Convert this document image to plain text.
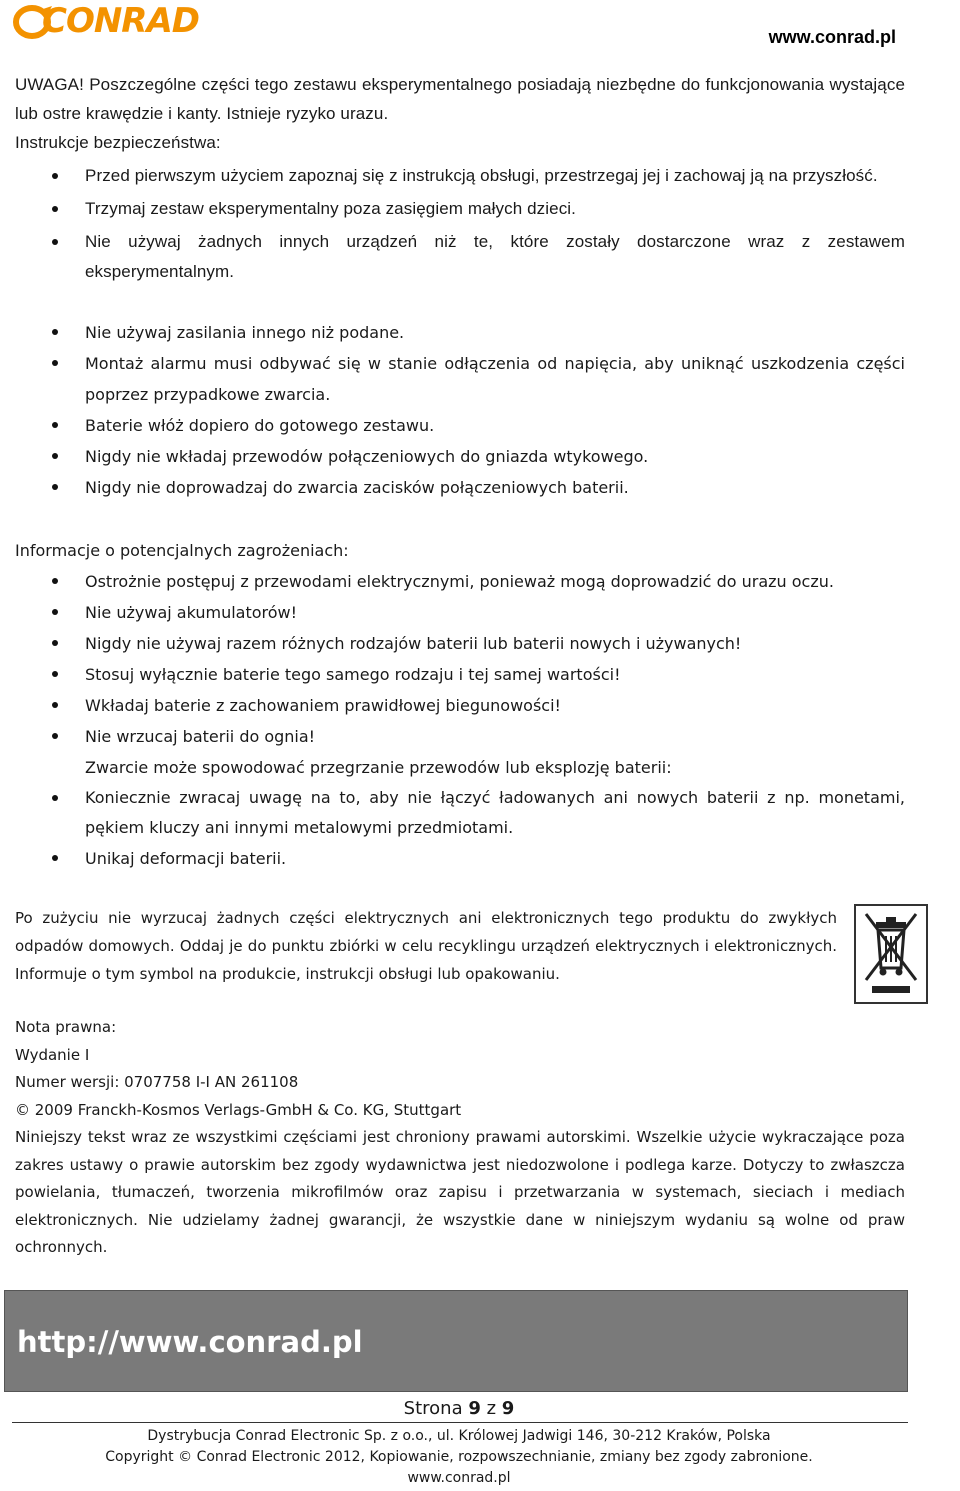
CONRAD	www.conrad.pl

UWAGA! Poszczególne części tego zestawu eksperymentalnego posiadają niezbędne do funkcjonowania wystające lub ostre krawędzie i kanty. Istnieje ryzyko urazu.

Instrukcje bezpieczeństwa:

Przed pierwszym użyciem zapoznaj się z instrukcją obsługi, przestrzegaj jej i zachowaj ją na przyszłość.
Trzymaj zestaw eksperymentalny poza zasięgiem małych dzieci.
Nie używaj żadnych innych urządzeń niż te, które zostały dostarczone wraz z zestawem eksperymentalnym.
Nie używaj zasilania innego niż podane.
Montaż alarmu musi odbywać się w stanie odłączenia od napięcia, aby uniknąć uszkodzenia części poprzez przypadkowe zwarcia.
Baterie włóż dopiero do gotowego zestawu.
Nigdy nie wkładaj przewodów połączeniowych do gniazda wtykowego.
Nigdy nie doprowadzaj do zwarcia zacisków połączeniowych baterii.

Informacje o potencjalnych zagrożeniach:

Ostrożnie postępuj z przewodami elektrycznymi, ponieważ mogą doprowadzić do urazu oczu.
Nie używaj akumulatorów!
Nigdy nie używaj razem różnych rodzajów baterii lub baterii nowych i używanych!
Stosuj wyłącznie baterie tego samego rodzaju i tej samej wartości!
Wkładaj baterie z zachowaniem prawidłowej biegunowości!
Nie wrzucaj baterii do ognia!
Zwarcie może spowodować przegrzanie przewodów lub eksplozję baterii:
Koniecznie zwracaj uwagę na to, aby nie łączyć ładowanych ani nowych baterii z np. monetami, pękiem kluczy ani innymi metalowymi przedmiotami.
Unikaj deformacji baterii.
Po zużyciu nie wyrzucaj żadnych części elektrycznych ani elektronicznych tego produktu do zwykłych odpadów domowych. Oddaj je do punktu zbiórki w celu recyklingu urządzeń elektrycznych i elektronicznych. Informuje o tym symbol na produkcie, instrukcji obsługi lub opakowaniu.

Nota prawna:

Wydanie I

Numer wersji: 0707758 I-I AN 261108

© 2009 Franckh-Kosmos Verlags-GmbH & Co. KG, Stuttgart

Niniejszy tekst wraz ze wszystkimi częściami jest chroniony prawami autorskimi. Wszelkie użycie wykraczające poza zakres ustawy o prawie autorskim bez zgody wydawnictwa jest niedozwolone i podlega karze. Dotyczy to zwłaszcza powielania, tłumaczeń, tworzenia mikrofilmów oraz zapisu i przetwarzania w systemach, sieciach i mediach elektronicznych. Nie udzielamy żadnej gwarancji, że wszystkie dane w niniejszym wydaniu są wolne od praw ochronnych.

http://www.conrad.pl
Strona 9 z 9
Dystrybucja Conrad Electronic Sp. z o.o., ul. Królowej Jadwigi 146, 30-212 Kraków, Polska
Copyright © Conrad Electronic 2012, Kopiowanie, rozpowszechnianie, zmiany bez zgody zabronione.
www.conrad.pl
